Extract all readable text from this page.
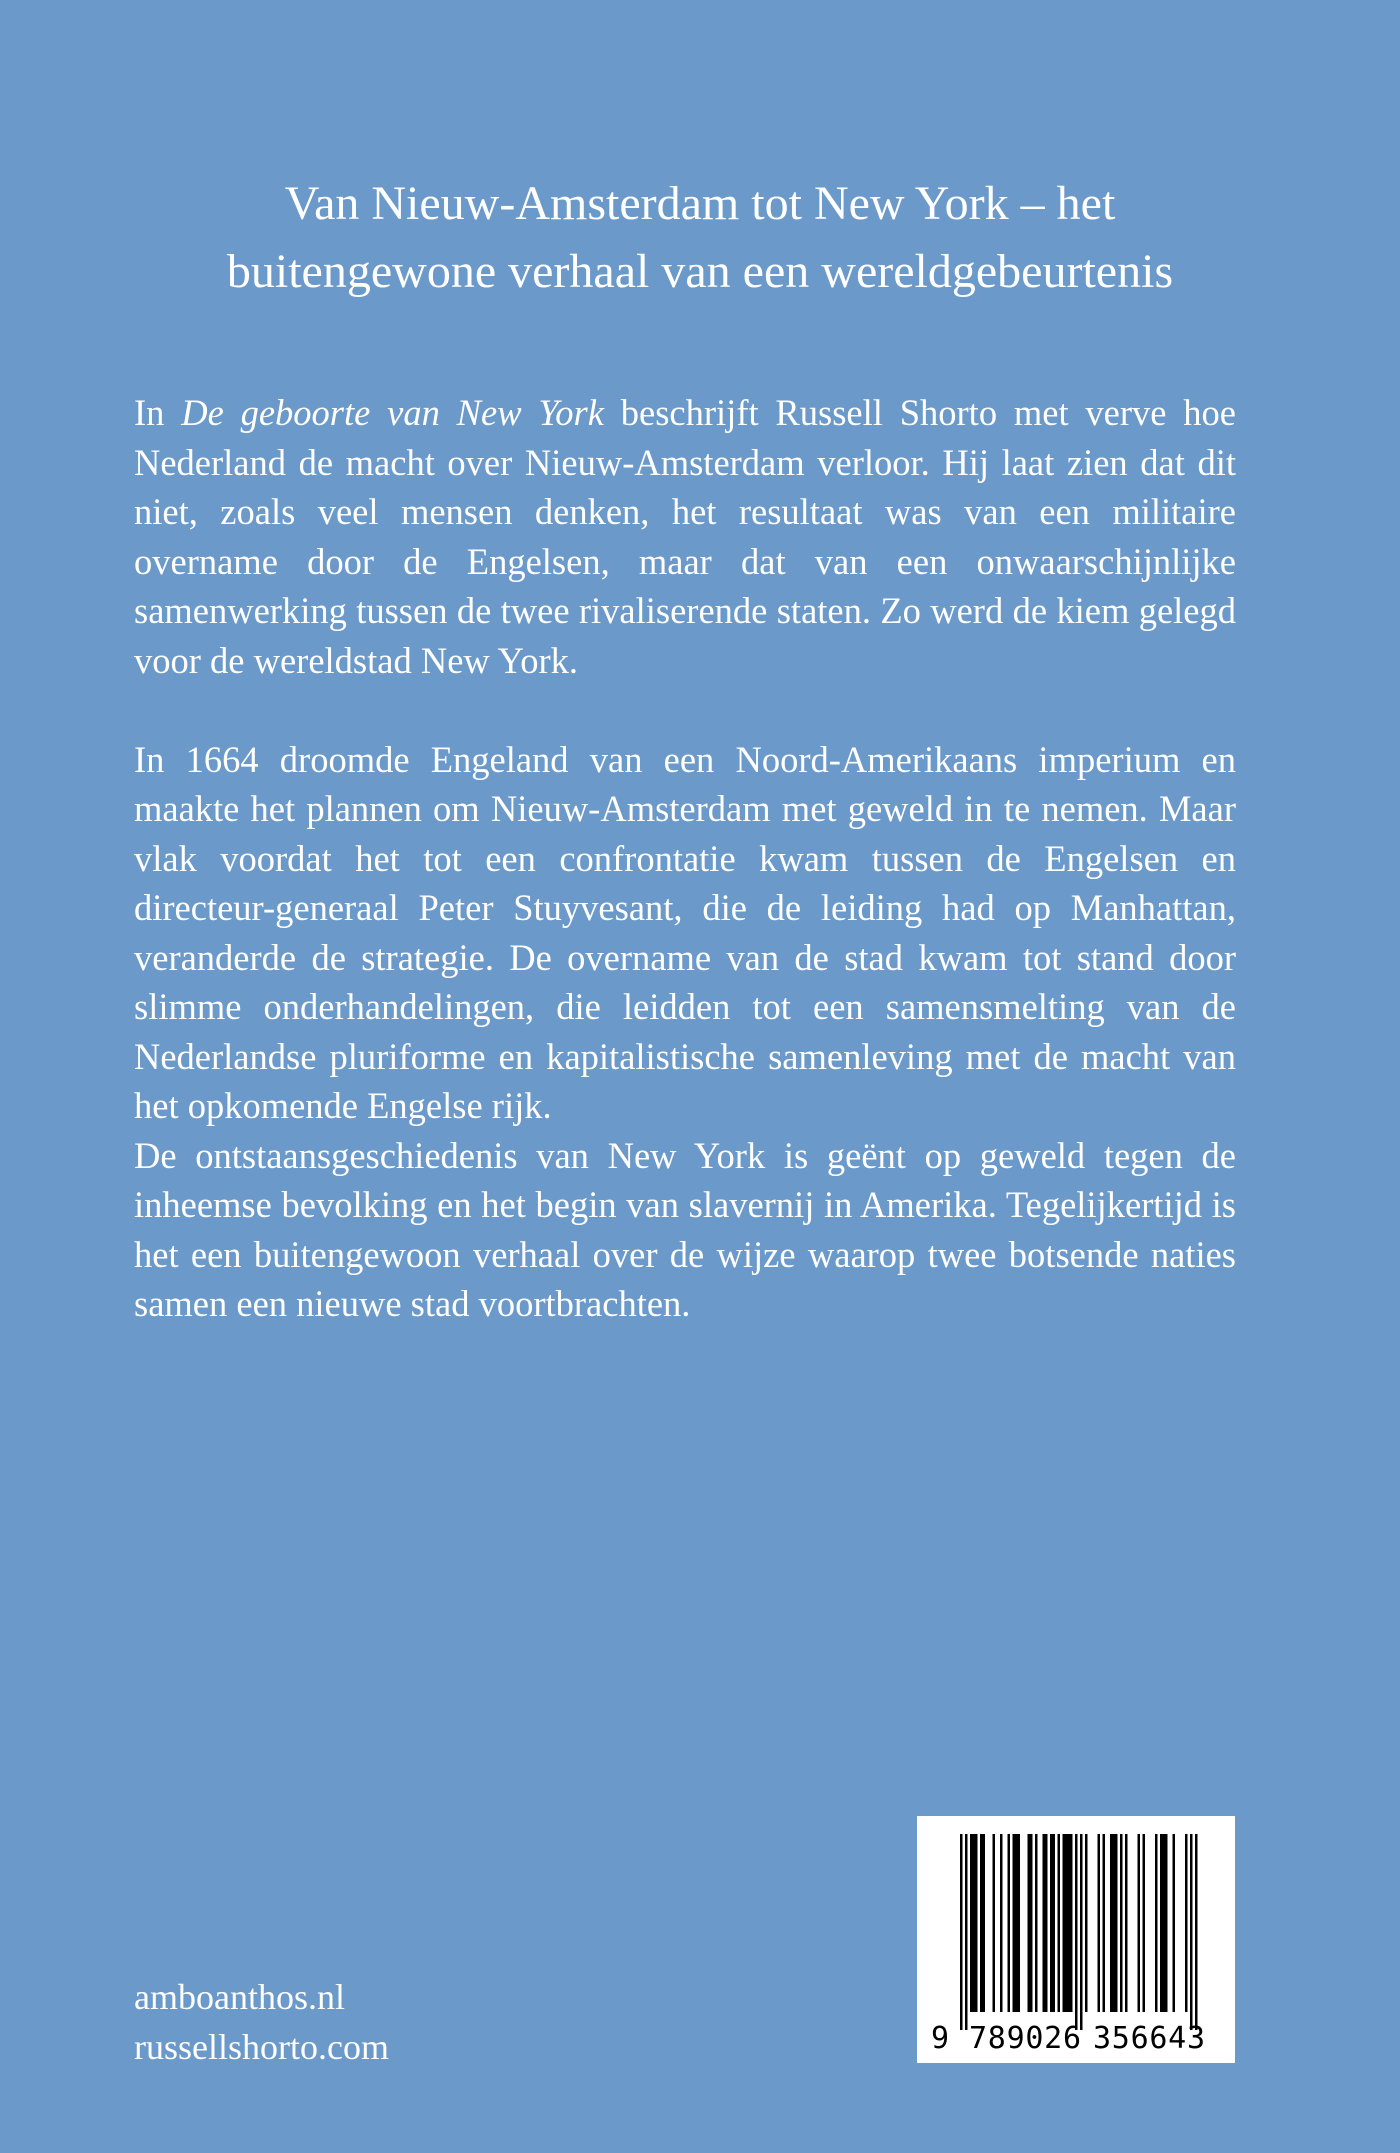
Van Nieuw-Amsterdam tot New York – het
buitengewone verhaal van een wereldgebeurtenis

In De geboorte van New York beschrijft Russell Shorto met verve hoe Nederland de macht over Nieuw-Amsterdam verloor. Hij laat zien dat dit niet, zoals veel mensen denken, het resultaat was van een militaire overname door de Engelsen, maar dat van een onwaarschijnlijke samenwerking tussen de twee rivaliserende staten. Zo werd de kiem gelegd voor de wereldstad New York.

In 1664 droomde Engeland van een Noord-Amerikaans imperium en maakte het plannen om Nieuw-Amsterdam met geweld in te nemen. Maar vlak voordat het tot een confrontatie kwam tussen de Engelsen en directeur-generaal Peter Stuyvesant, die de leiding had op Manhattan, veranderde de strategie. De overname van de stad kwam tot stand door slimme onderhandelingen, die leidden tot een samensmelting van de Nederlandse pluriforme en kapitalistische samenleving met de macht van het opkomende Engelse rijk.

De ontstaansgeschiedenis van New York is geënt op geweld tegen de inheemse bevolking en het begin van slavernij in Amerika. Tegelijkertijd is het een buitengewoon verhaal over de wijze waarop twee botsende naties samen een nieuwe stad voortbrachten.

amboanthos.nl
russellshorto.com	9 789026 356643
